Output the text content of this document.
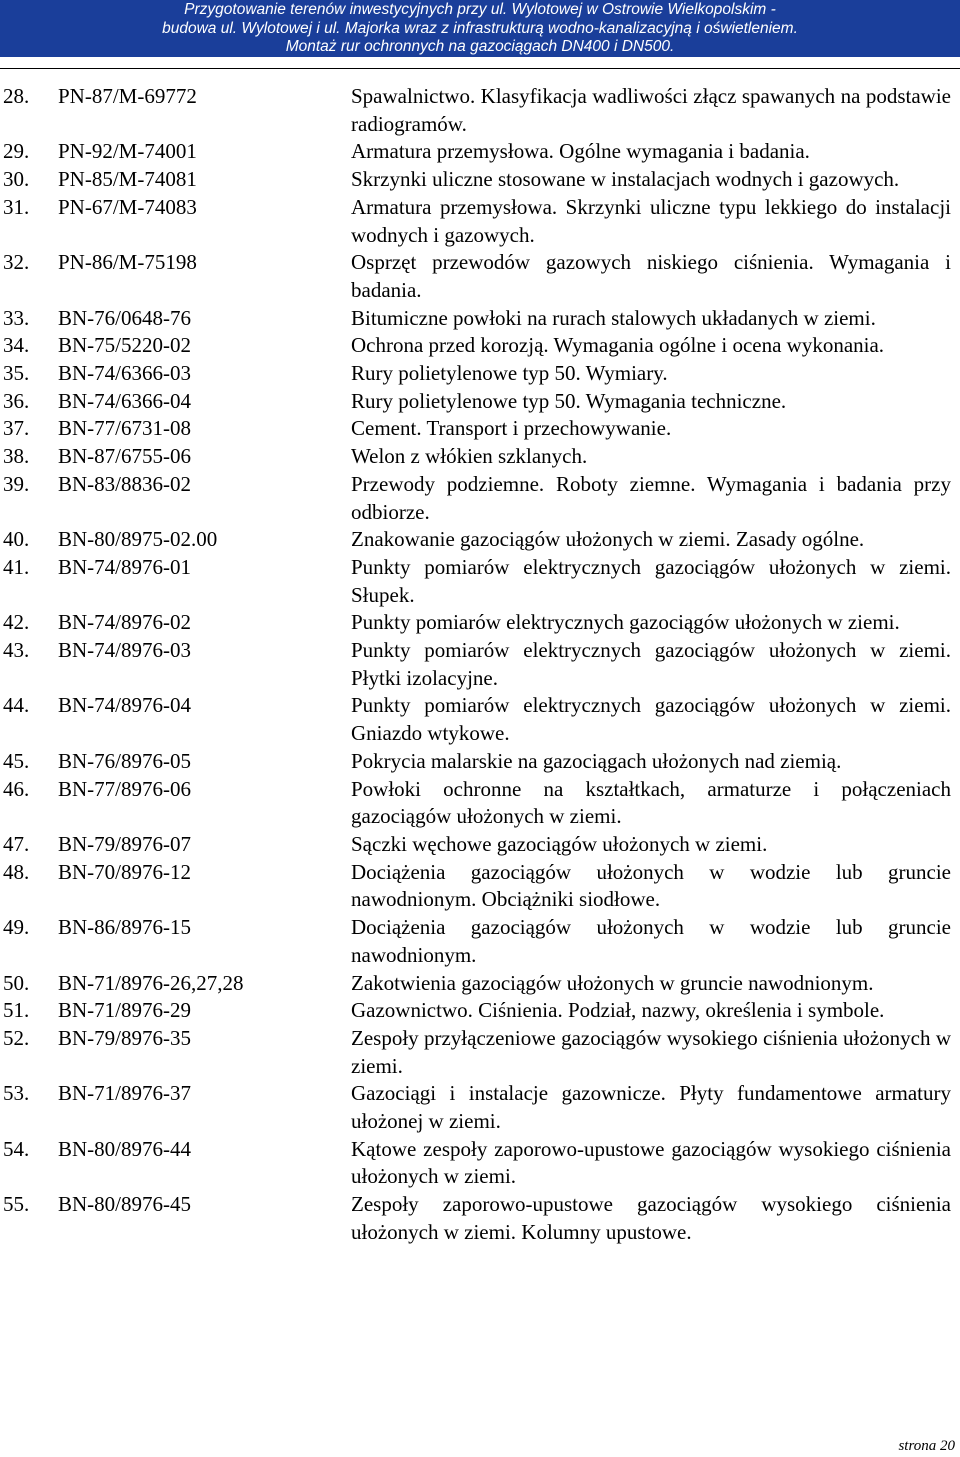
Przygotowanie terenów inwestycyjnych przy ul. Wylotowej w Ostrowie Wielkopolskim -
budowa ul. Wylotowej i ul. Majorka wraz z infrastrukturą wodno-kanalizacyjną i oświetleniem.
Montaż rur ochronnych na gazociągach DN400 i DN500.
28. PN-87/M-69772	Spawalnictwo. Klasyfikacja wadliwości złącz spawanych na podstawie radiogramów.
29. PN-92/M-74001	Armatura przemysłowa. Ogólne wymagania i badania.
30. PN-85/M-74081	Skrzynki uliczne stosowane w instalacjach wodnych i gazowych.
31. PN-67/M-74083	Armatura przemysłowa. Skrzynki uliczne typu lekkiego do instalacji wodnych i gazowych.
32. PN-86/M-75198	Osprzęt przewodów gazowych niskiego ciśnienia. Wymagania i badania.
33. BN-76/0648-76	Bitumiczne powłoki na rurach stalowych układanych w ziemi.
34. BN-75/5220-02	Ochrona przed korozją. Wymagania ogólne i ocena wykonania.
35. BN-74/6366-03	Rury polietylenowe typ 50. Wymiary.
36. BN-74/6366-04	Rury polietylenowe typ 50. Wymagania techniczne.
37. BN-77/6731-08	Cement. Transport i przechowywanie.
38. BN-87/6755-06	Welon z włókien szklanych.
39. BN-83/8836-02	Przewody podziemne. Roboty ziemne. Wymagania i badania przy odbiorze.
40. BN-80/8975-02.00	Znakowanie gazociągów ułożonych w ziemi. Zasady ogólne.
41. BN-74/8976-01	Punkty pomiarów elektrycznych gazociągów ułożonych w ziemi. Słupek.
42. BN-74/8976-02	Punkty pomiarów elektrycznych gazociągów ułożonych w ziemi.
43. BN-74/8976-03	Punkty pomiarów elektrycznych gazociągów ułożonych w ziemi. Płytki izolacyjne.
44. BN-74/8976-04	Punkty pomiarów elektrycznych gazociągów ułożonych w ziemi. Gniazdo wtykowe.
45. BN-76/8976-05	Pokrycia malarskie na gazociągach ułożonych nad ziemią.
46. BN-77/8976-06	Powłoki ochronne na kształtkach, armaturze i połączeniach gazociągów ułożonych w ziemi.
47. BN-79/8976-07	Sączki węchowe gazociągów ułożonych w ziemi.
48. BN-70/8976-12	Dociążenia gazociągów ułożonych w wodzie lub gruncie nawodnionym. Obciążniki siodłowe.
49. BN-86/8976-15	Dociążenia gazociągów ułożonych w wodzie lub gruncie nawodnionym.
50. BN-71/8976-26,27,28	Zakotwienia gazociągów ułożonych w gruncie nawodnionym.
51. BN-71/8976-29	Gazownictwo. Ciśnienia. Podział, nazwy, określenia i symbole.
52. BN-79/8976-35	Zespoły przyłączeniowe gazociągów wysokiego ciśnienia ułożonych w ziemi.
53. BN-71/8976-37	Gazociągi i instalacje gazownicze. Płyty fundamentowe armatury ułożonej w ziemi.
54. BN-80/8976-44	Kątowe zespoły zaporowo-upustowe gazociągów wysokiego ciśnienia ułożonych w ziemi.
55. BN-80/8976-45	Zespoły zaporowo-upustowe gazociągów wysokiego ciśnienia ułożonych w ziemi. Kolumny upustowe.
strona 20
